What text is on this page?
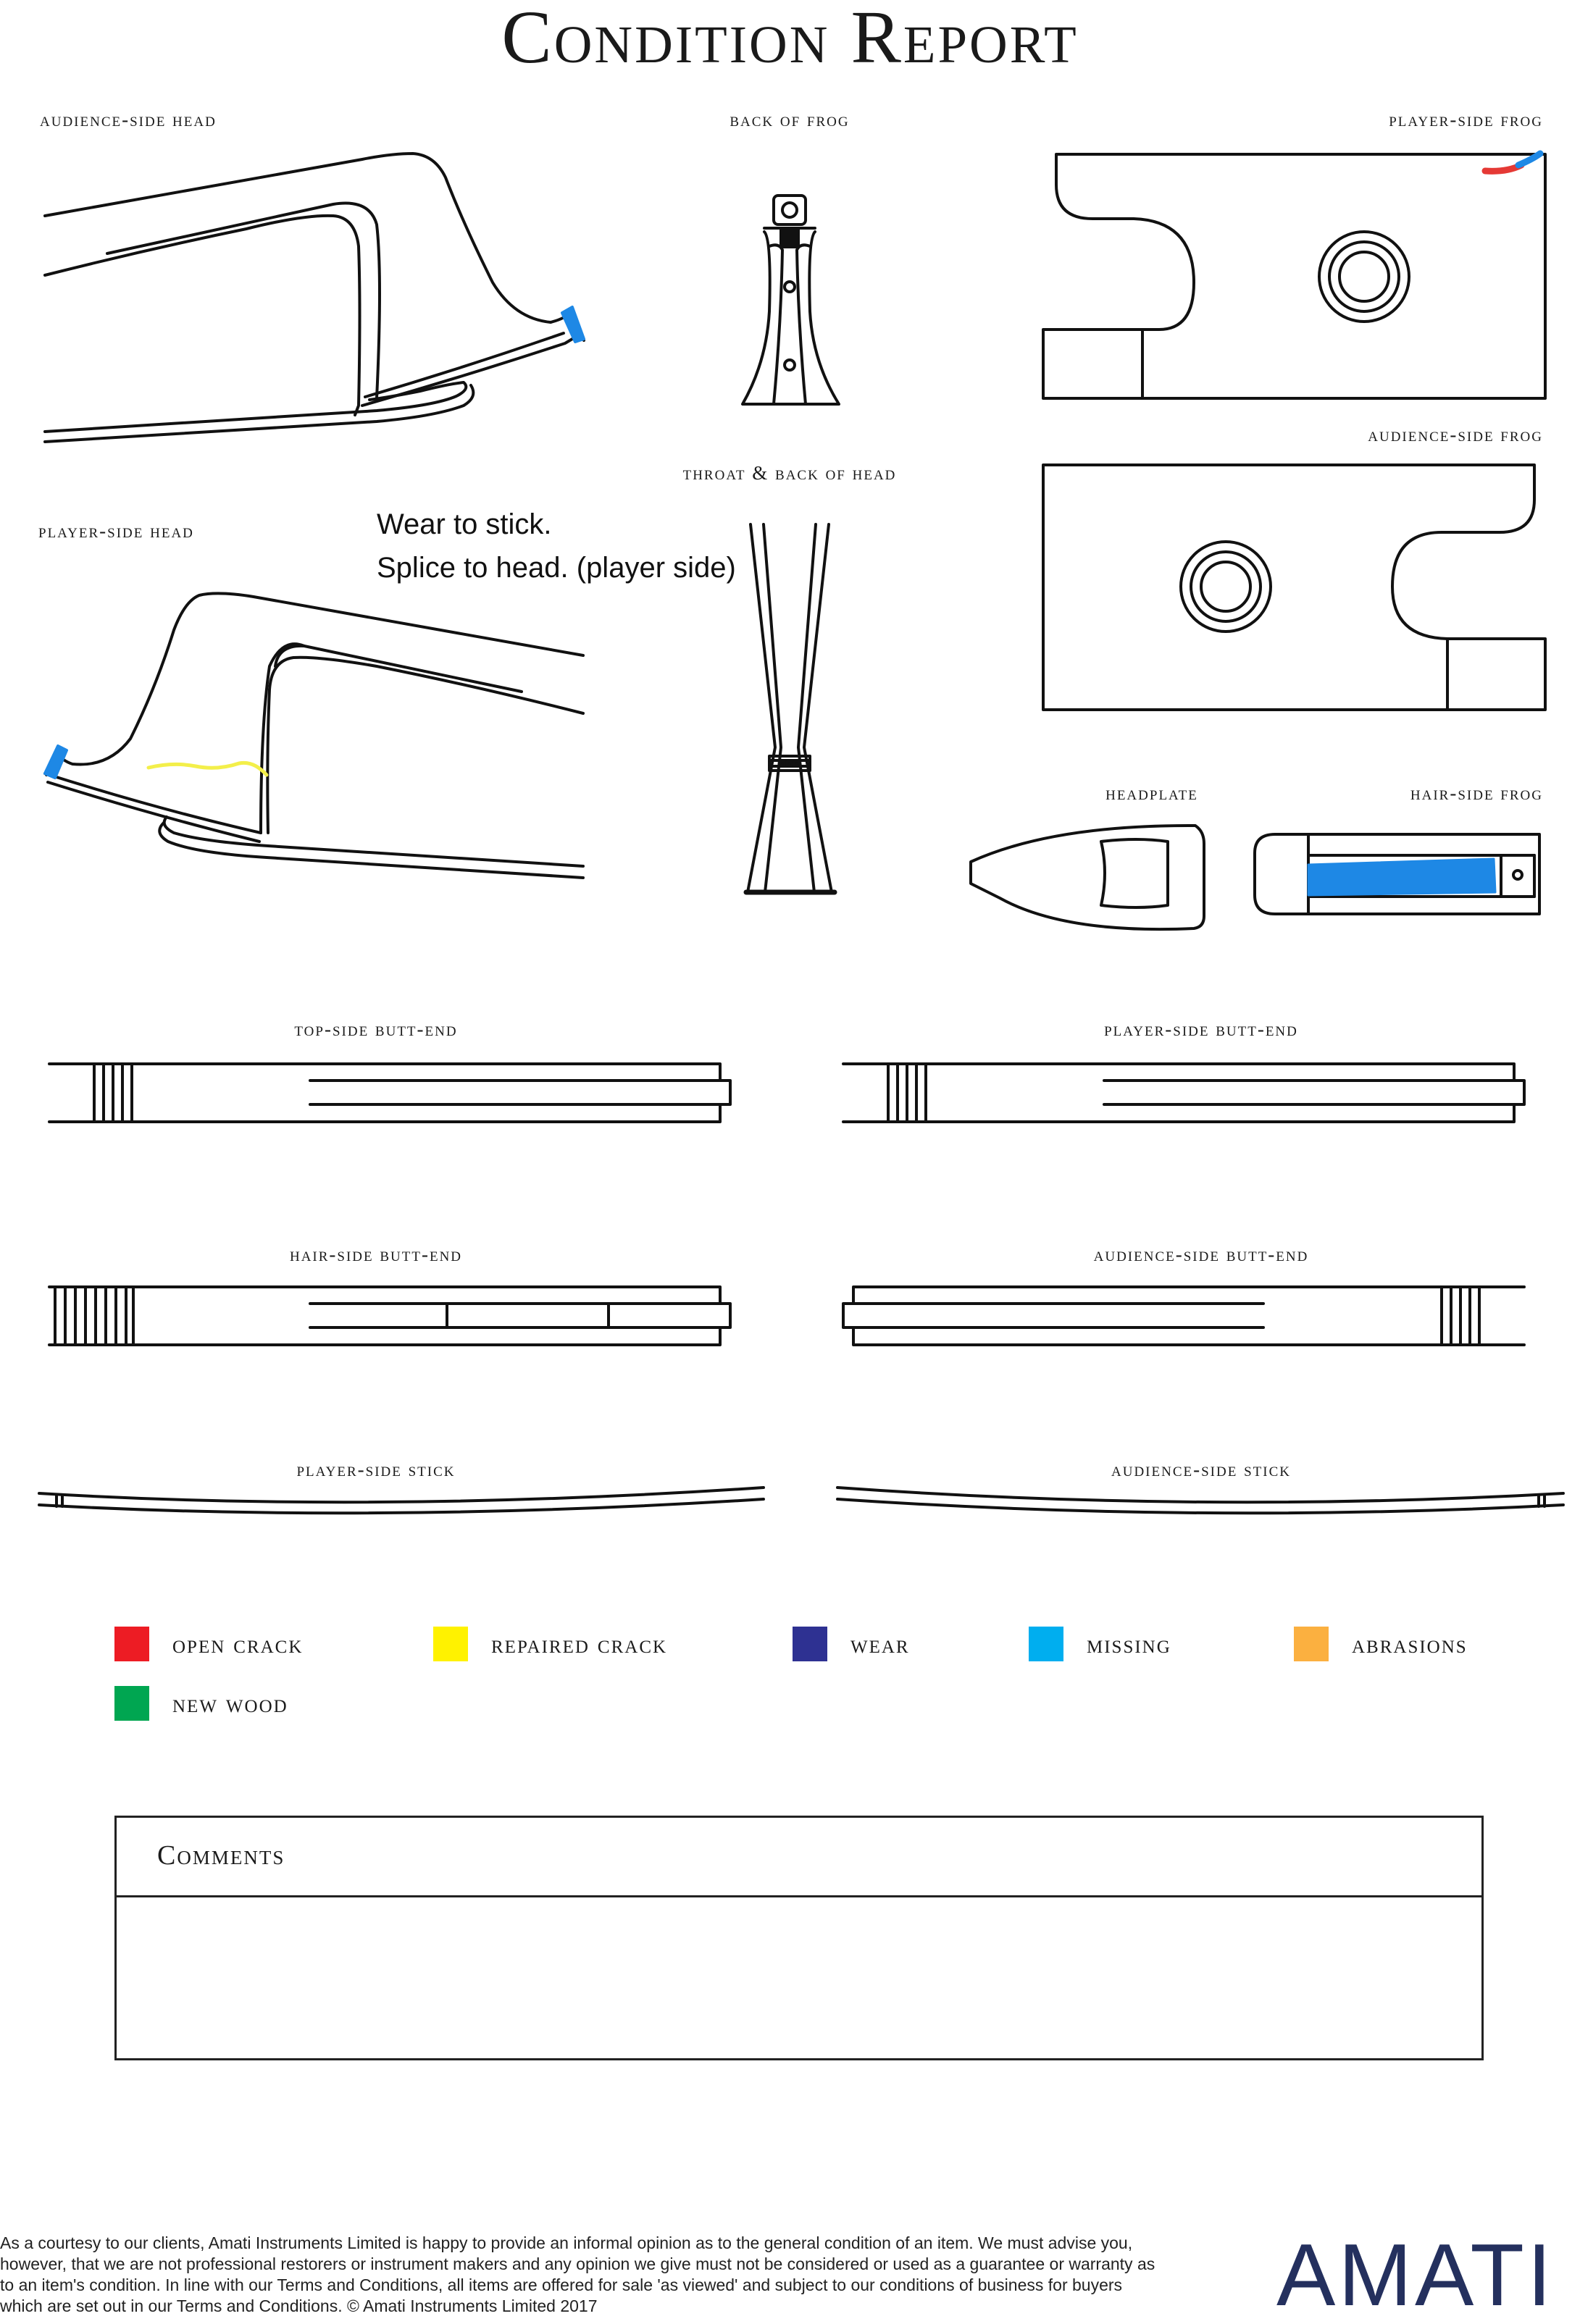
Condition Report
audience-side head	back of frog	player-side frog
audience-side frog
throat & back of head
player-side head	Wear to stick.
Splice to head. (player side)
headplate	hair-side frog
top-side butt-end	player-side butt-end
hair-side butt-end	audience-side butt-end
player-side stick	audience-side stick
open crack	repaired crack	wear	missing	abrasions
new wood
Comments
As a courtesy to our clients, Amati Instruments Limited is happy to provide an informal opinion as to the general condition of an item. We must advise you, however, that we are not professional restorers or instrument makers and any opinion we give must not be considered or used as a guarantee or warranty as to an item's condition. In line with our Terms and Conditions, all items are offered for sale 'as viewed' and subject to our conditions of business for buyers which are set out in our Terms and Conditions. © Amati Instruments Limited 2017	AMATI
